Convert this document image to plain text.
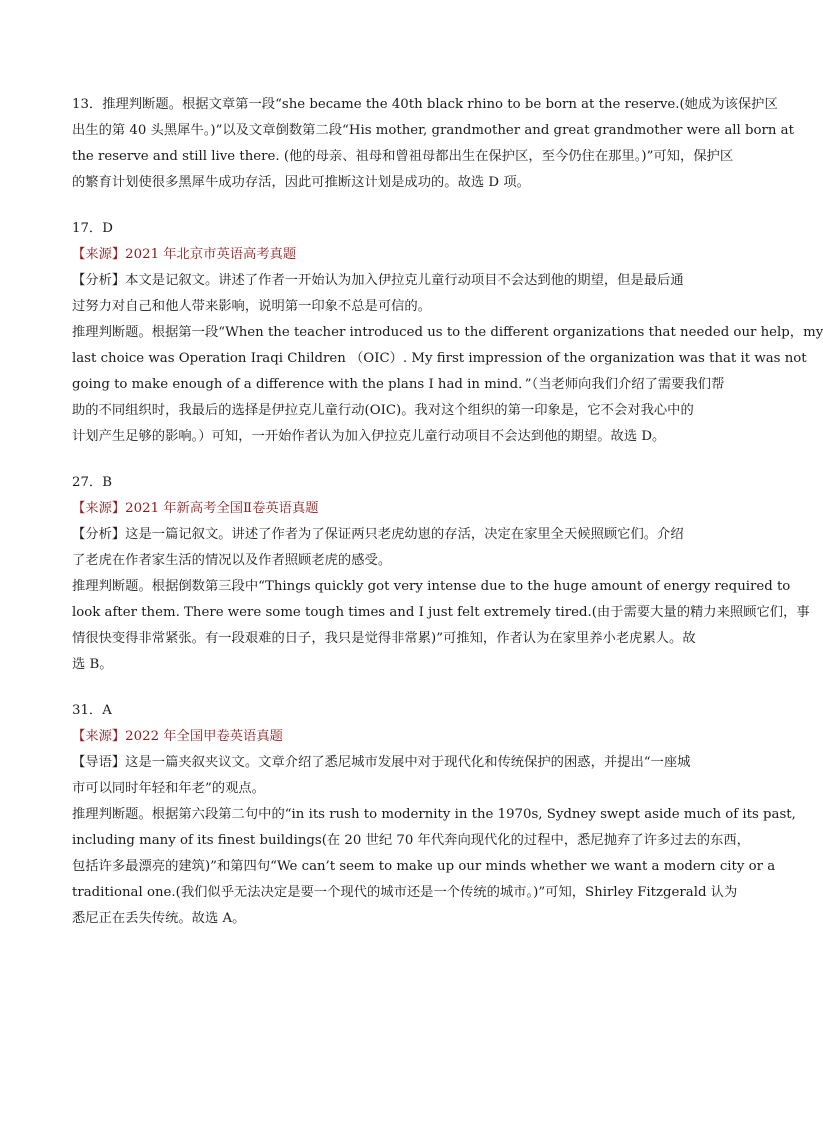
13．推理判断题。根据文章第一段“she became the 40th black rhino to be born at the reserve.(她成为该保护区
出生的第 40 头黑犀牛。)”以及文章倒数第二段“His mother, grandmother and great grandmother were all born at
the reserve and still live there. (他的母亲、祖母和曾祖母都出生在保护区，至今仍住在那里。)”可知，保护区
的繁育计划使很多黑犀牛成功存活，因此可推断这计划是成功的。故选 D 项。
17．D
【来源】2021 年北京市英语高考真题
【分析】本文是记叙文。讲述了作者一开始认为加入伊拉克儿童行动项目不会达到他的期望，但是最后通
过努力对自己和他人带来影响，说明第一印象不总是可信的。
推理判断题。根据第一段“When the teacher introduced us to the different organizations that needed our help，my
last choice was Operation Iraqi Children （OIC）. My first impression of the organization was that it was not
going to make enough of a difference with the plans I had in mind．”（当老师向我们介绍了需要我们帮
助的不同组织时，我最后的选择是伊拉克儿童行动(OIC)。我对这个组织的第一印象是，它不会对我心中的
计划产生足够的影响。）可知，一开始作者认为加入伊拉克儿童行动项目不会达到他的期望。故选 D。
27．B
【来源】2021 年新高考全国Ⅱ卷英语真题
【分析】这是一篇记叙文。讲述了作者为了保证两只老虎幼崽的存活，决定在家里全天候照顾它们。介绍
了老虎在作者家生活的情况以及作者照顾老虎的感受。
推理判断题。根据倒数第三段中“Things quickly got very intense due to the huge amount of energy required to
look after them. There were some tough times and I just felt extremely tired.(由于需要大量的精力来照顾它们，事
情很快变得非常紧张。有一段艰难的日子，我只是觉得非常累)”可推知，作者认为在家里养小老虎累人。故
选 B。
31．A
【来源】2022 年全国甲卷英语真题
【导语】这是一篇夹叙夹议文。文章介绍了悉尼城市发展中对于现代化和传统保护的困惑，并提出“一座城
市可以同时年轻和年老”的观点。
推理判断题。根据第六段第二句中的“in its rush to modernity in the 1970s, Sydney swept aside much of its past,
including many of its finest buildings(在 20 世纪 70 年代奔向现代化的过程中，悉尼抛弃了许多过去的东西，
包括许多最漂亮的建筑)”和第四句“We can’t seem to make up our minds whether we want a modern city or a
traditional one.(我们似乎无法决定是要一个现代的城市还是一个传统的城市。)”可知，Shirley Fitzgerald 认为
悉尼正在丢失传统。故选 A。
